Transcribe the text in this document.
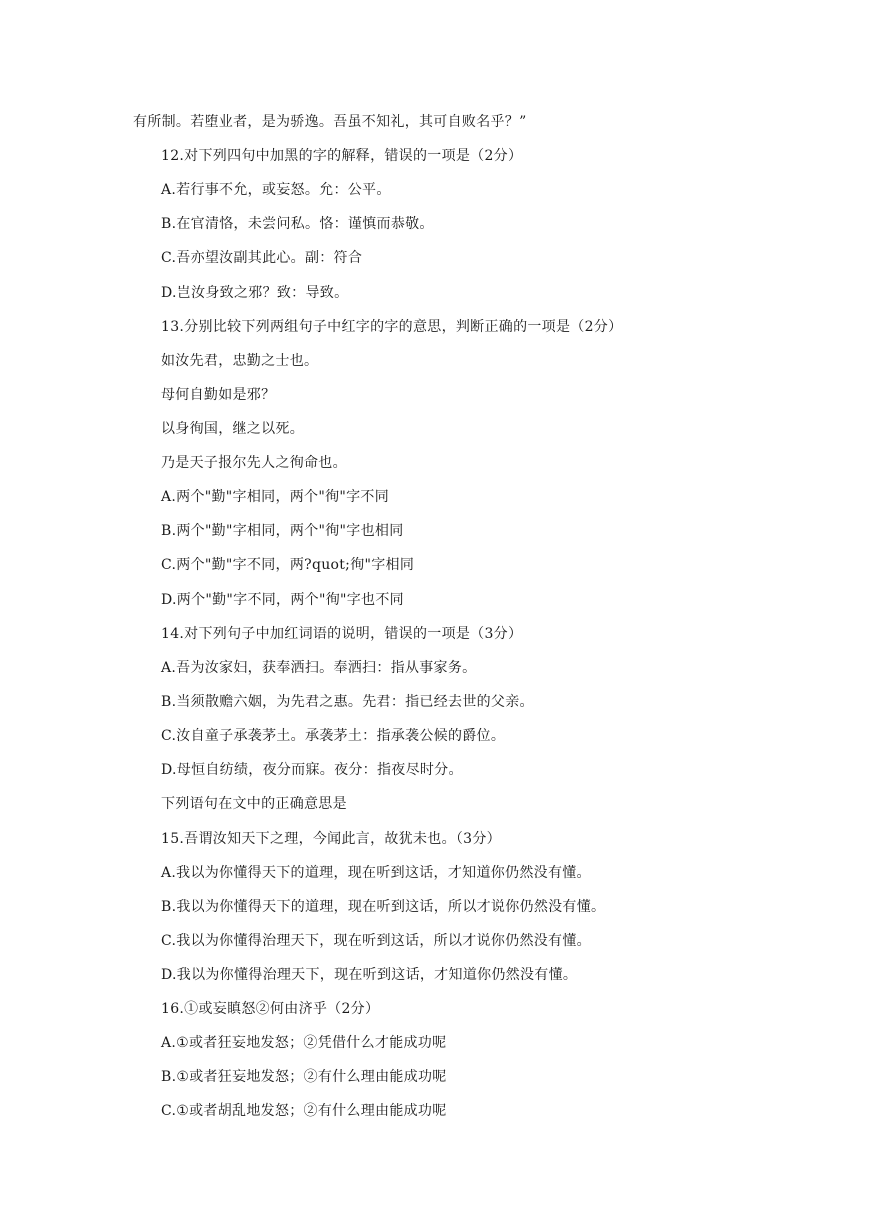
有所制。若堕业者，是为骄逸。吾虽不知礼，其可自败名乎？”
12.对下列四句中加黑的字的解释，错误的一项是（2分）
A.若行事不允，或妄怒。允：公平。
B.在官清恪，未尝问私。恪：谨慎而恭敬。
C.吾亦望汝副其此心。副：符合
D.岂汝身致之邪？致：导致。
13.分别比较下列两组句子中红字的字的意思，判断正确的一项是（2分）
如汝先君，忠勤之士也。
母何自勤如是邪？
以身徇国，继之以死。
乃是天子报尔先人之徇命也。
A.两个"勤"字相同，两个"徇"字不同
B.两个"勤"字相同，两个"徇"字也相同
C.两个"勤"字不同，两?quot;徇"字相同
D.两个"勤"字不同，两个"徇"字也不同
14.对下列句子中加红词语的说明，错误的一项是（3分）
A.吾为汝家妇，获奉洒扫。奉洒扫：指从事家务。
B.当须散赡六姻，为先君之惠。先君：指已经去世的父亲。
C.汝自童子承袭茅土。承袭茅土：指承袭公候的爵位。
D.母恒自纺绩，夜分而寐。夜分：指夜尽时分。
下列语句在文中的正确意思是
15.吾谓汝知天下之理，今闻此言，故犹未也。（3分）
A.我以为你懂得天下的道理，现在听到这话，才知道你仍然没有懂。
B.我以为你懂得天下的道理，现在听到这话，所以才说你仍然没有懂。
C.我以为你懂得治理天下，现在听到这话，所以才说你仍然没有懂。
D.我以为你懂得治理天下，现在听到这话，才知道你仍然没有懂。
16.①或妄瞋怒②何由济乎（2分）
A.①或者狂妄地发怒；②凭借什么才能成功呢
B.①或者狂妄地发怒；②有什么理由能成功呢
C.①或者胡乱地发怒；②有什么理由能成功呢
